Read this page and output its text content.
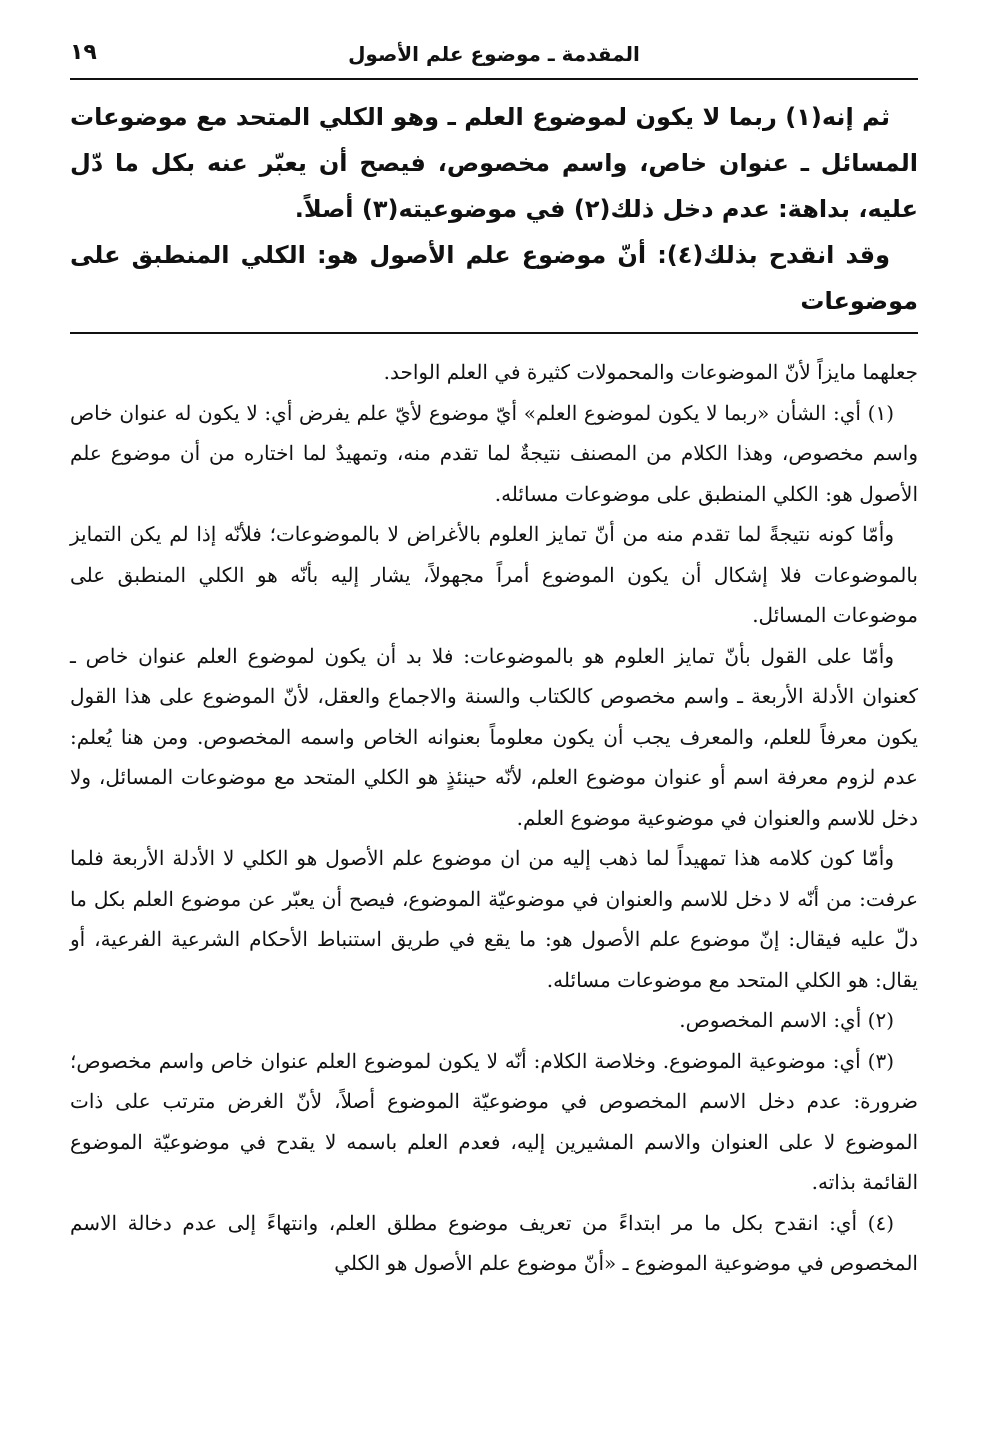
المقدمة ـ موضوع علم الأصول
١٩

ثم إنه(١) ربما لا يكون لموضوع العلم ـ وهو الكلي المتحد مع موضوعات المسائل ـ عنوان خاص، واسم مخصوص، فيصح أن يعبّر عنه بكل ما دّل عليه، بداهة: عدم دخل ذلك(٢) في موضوعيته(٣) أصلاً.

وقد انقدح بذلك(٤): أنّ موضوع علم الأصول هو: الكلي المنطبق على موضوعات

جعلهما مايزاً لأنّ الموضوعات والمحمولات كثيرة في العلم الواحد.

(١) أي: الشأن «ربما لا يكون لموضوع العلم» أيّ موضوع لأيّ علم يفرض أي: لا يكون له عنوان خاص واسم مخصوص، وهذا الكلام من المصنف نتيجةٌ لما تقدم منه، وتمهيدٌ لما اختاره من أن موضوع علم الأصول هو: الكلي المنطبق على موضوعات مسائله.

وأمّا كونه نتيجةً لما تقدم منه من أنّ تمايز العلوم بالأغراض لا بالموضوعات؛ فلأنّه إذا لم يكن التمايز بالموضوعات فلا إشكال أن يكون الموضوع أمراً مجهولاً، يشار إليه بأنّه هو الكلي المنطبق على موضوعات المسائل.

وأمّا على القول بأنّ تمايز العلوم هو بالموضوعات: فلا بد أن يكون لموضوع العلم عنوان خاص ـ كعنوان الأدلة الأربعة ـ واسم مخصوص كالكتاب والسنة والاجماع والعقل، لأنّ الموضوع على هذا القول يكون معرفاً للعلم، والمعرف يجب أن يكون معلوماً بعنوانه الخاص واسمه المخصوص. ومن هنا يُعلم: عدم لزوم معرفة اسم أو عنوان موضوع العلم، لأنّه حينئذٍ هو الكلي المتحد مع موضوعات المسائل، ولا دخل للاسم والعنوان في موضوعية موضوع العلم.

وأمّا كون كلامه هذا تمهيداً لما ذهب إليه من ان موضوع علم الأصول هو الكلي لا الأدلة الأربعة فلما عرفت: من أنّه لا دخل للاسم والعنوان في موضوعيّة الموضوع، فيصح أن يعبّر عن موضوع العلم بكل ما دلّ عليه فيقال: إنّ موضوع علم الأصول هو: ما يقع في طريق استنباط الأحكام الشرعية الفرعية، أو يقال: هو الكلي المتحد مع موضوعات مسائله.

(٢) أي: الاسم المخصوص.

(٣) أي: موضوعية الموضوع. وخلاصة الكلام: أنّه لا يكون لموضوع العلم عنوان خاص واسم مخصوص؛ ضرورة: عدم دخل الاسم المخصوص في موضوعيّة الموضوع أصلاً، لأنّ الغرض مترتب على ذات الموضوع لا على العنوان والاسم المشيرين إليه، فعدم العلم باسمه لا يقدح في موضوعيّة الموضوع القائمة بذاته.

(٤) أي: انقدح بكل ما مر ابتداءً من تعريف موضوع مطلق العلم، وانتهاءً إلى عدم دخالة الاسم المخصوص في موضوعية الموضوع ـ «أنّ موضوع علم الأصول هو الكلي
